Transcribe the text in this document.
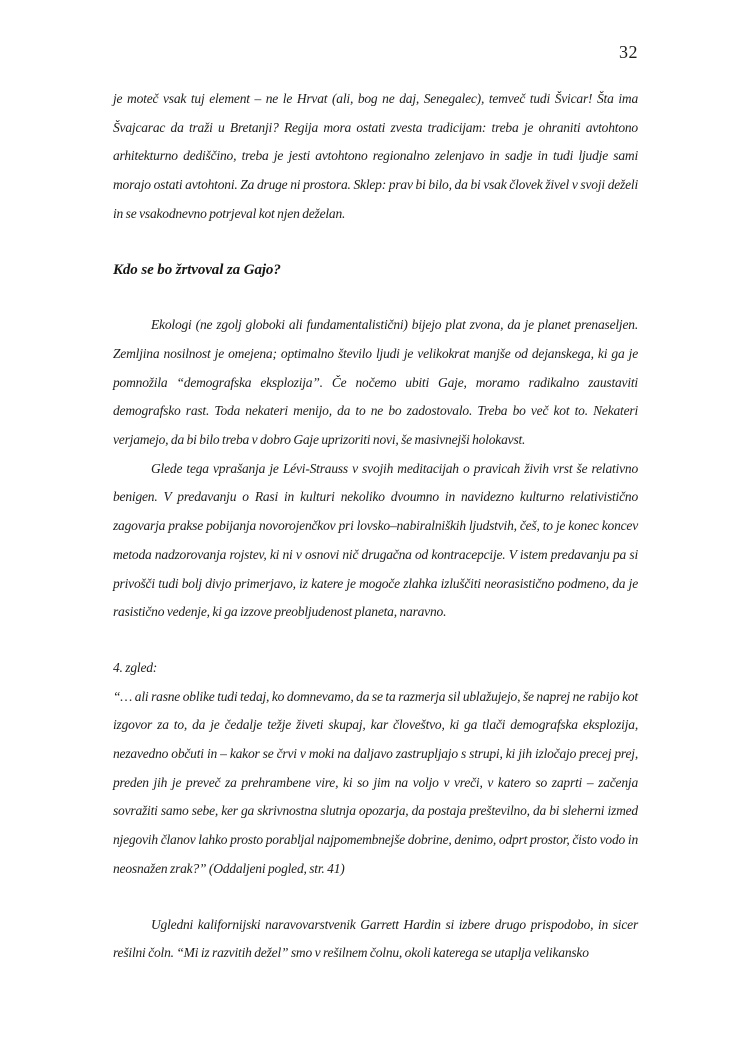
32

je moteč vsak tuj element – ne le Hrvat (ali, bog ne daj, Senegalec), temveč tudi Švicar! Šta ima Švajcarac da traži u Bretanji? Regija mora ostati zvesta tradicijam: treba je ohraniti avtohtono arhitekturno dediščino, treba je jesti avtohtono regionalno zelenjavo in sadje in tudi ljudje sami morajo ostati avtohtoni. Za druge ni prostora. Sklep: prav bi bilo, da bi vsak človek živel v svoji deželi in se vsakodnevno potrjeval kot njen deželan.

Kdo se bo žrtvoval za Gajo?

Ekologi (ne zgolj globoki ali fundamentalistični) bijejo plat zvona, da je planet prenaseljen. Zemljina nosilnost je omejena; optimalno število ljudi je velikokrat manjše od dejanskega, ki ga je pomnožila “demografska eksplozija”. Če nočemo ubiti Gaje, moramo radikalno zaustaviti demografsko rast. Toda nekateri menijo, da to ne bo zadostovalo. Treba bo več kot to. Nekateri verjamejo, da bi bilo treba v dobro Gaje uprizoriti novi, še masivnejši holokavst.

Glede tega vprašanja je Lévi-Strauss v svojih meditacijah o pravicah živih vrst še relativno benigen. V predavanju o Rasi in kulturi nekoliko dvoumno in navidezno kulturno relativistično zagovarja prakse pobijanja novorojenčkov pri lovsko–nabiralniških ljudstvih, češ, to je konec koncev metoda nadzorovanja rojstev, ki ni v osnovi nič drugačna od kontracepcije. V istem predavanju pa si privošči tudi bolj divjo primerjavo, iz katere je mogoče zlahka izluščiti neorasistično podmeno, da je rasistično vedenje, ki ga izzove preobljudenost planeta, naravno.

4. zgled:

“… ali rasne oblike tudi tedaj, ko domnevamo, da se ta razmerja sil ublažujejo, še naprej ne rabijo kot izgovor za to, da je čedalje težje živeti skupaj, kar človeštvo, ki ga tlači demografska eksplozija, nezavedno občuti in – kakor se črvi v moki na daljavo zastrupljajo s strupi, ki jih izločajo precej prej, preden jih je preveč za prehrambene vire, ki so jim na voljo v vreči, v katero so zaprti – začenja sovražiti samo sebe, ker ga skrivnostna slutnja opozarja, da postaja preštevilno, da bi sleherni izmed njegovih članov lahko prosto porabljal najpomembnejše dobrine, denimo, odprt prostor, čisto vodo in neosnažen zrak?” (Oddaljeni pogled, str. 41)

Ugledni kalifornijski naravovarstvenik Garrett Hardin si izbere drugo prispodobo, in sicer rešilni čoln. “Mi iz razvitih dežel” smo v rešilnem čolnu, okoli katerega se utaplja velikansko
